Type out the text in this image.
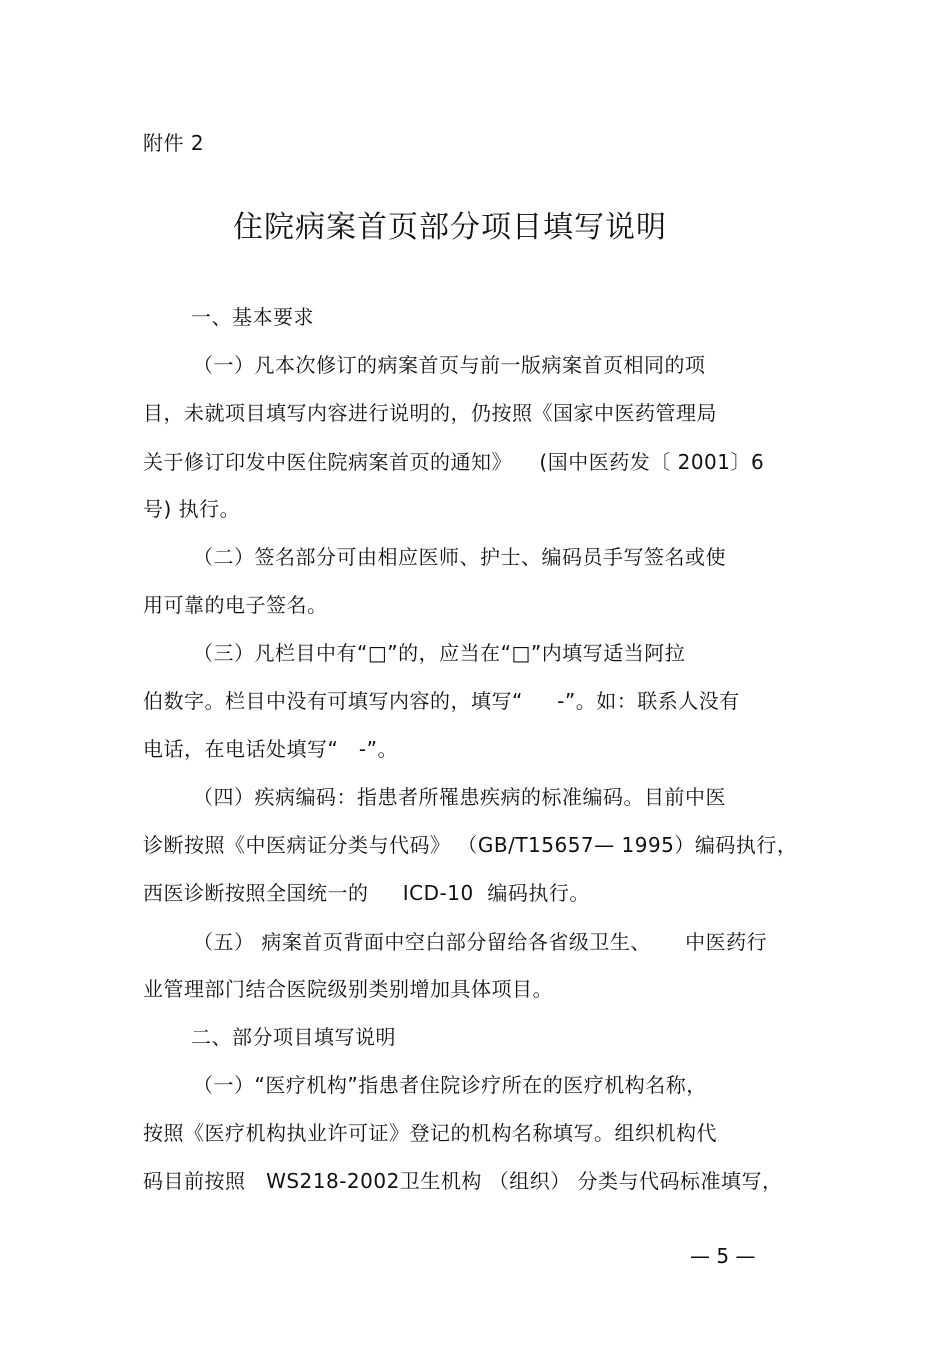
附件 2
住院病案首页部分项目填写说明
一、基本要求
（一）凡本次修订的病案首页与前一版病案首页相同的项
目，未就项目填写内容进行说明的，仍按照《国家中医药管理局
关于修订印发中医住院病案首页的通知》    (国中医药发〔 2001〕6
号) 执行。
（二）签名部分可由相应医师、护士、编码员手写签名或使
用可靠的电子签名。
（三）凡栏目中有“□”的，应当在“□”内填写适当阿拉
伯数字。栏目中没有可填写内容的，填写“     -”。如：联系人没有
电话，在电话处填写“   -”。
（四）疾病编码：指患者所罹患疾病的标准编码。目前中医
诊断按照《中医病证分类与代码》 （GB/T15657— 1995）编码执行，
西医诊断按照全国统一的     ICD-10  编码执行。
（五） 病案首页背面中空白部分留给各省级卫生、     中医药行
业管理部门结合医院级别类别增加具体项目。
二、部分项目填写说明
（一）“医疗机构”指患者住院诊疗所在的医疗机构名称，
按照《医疗机构执业许可证》登记的机构名称填写。组织机构代
码目前按照   WS218-2002卫生机构 （组织） 分类与代码标准填写，
— 5 —
